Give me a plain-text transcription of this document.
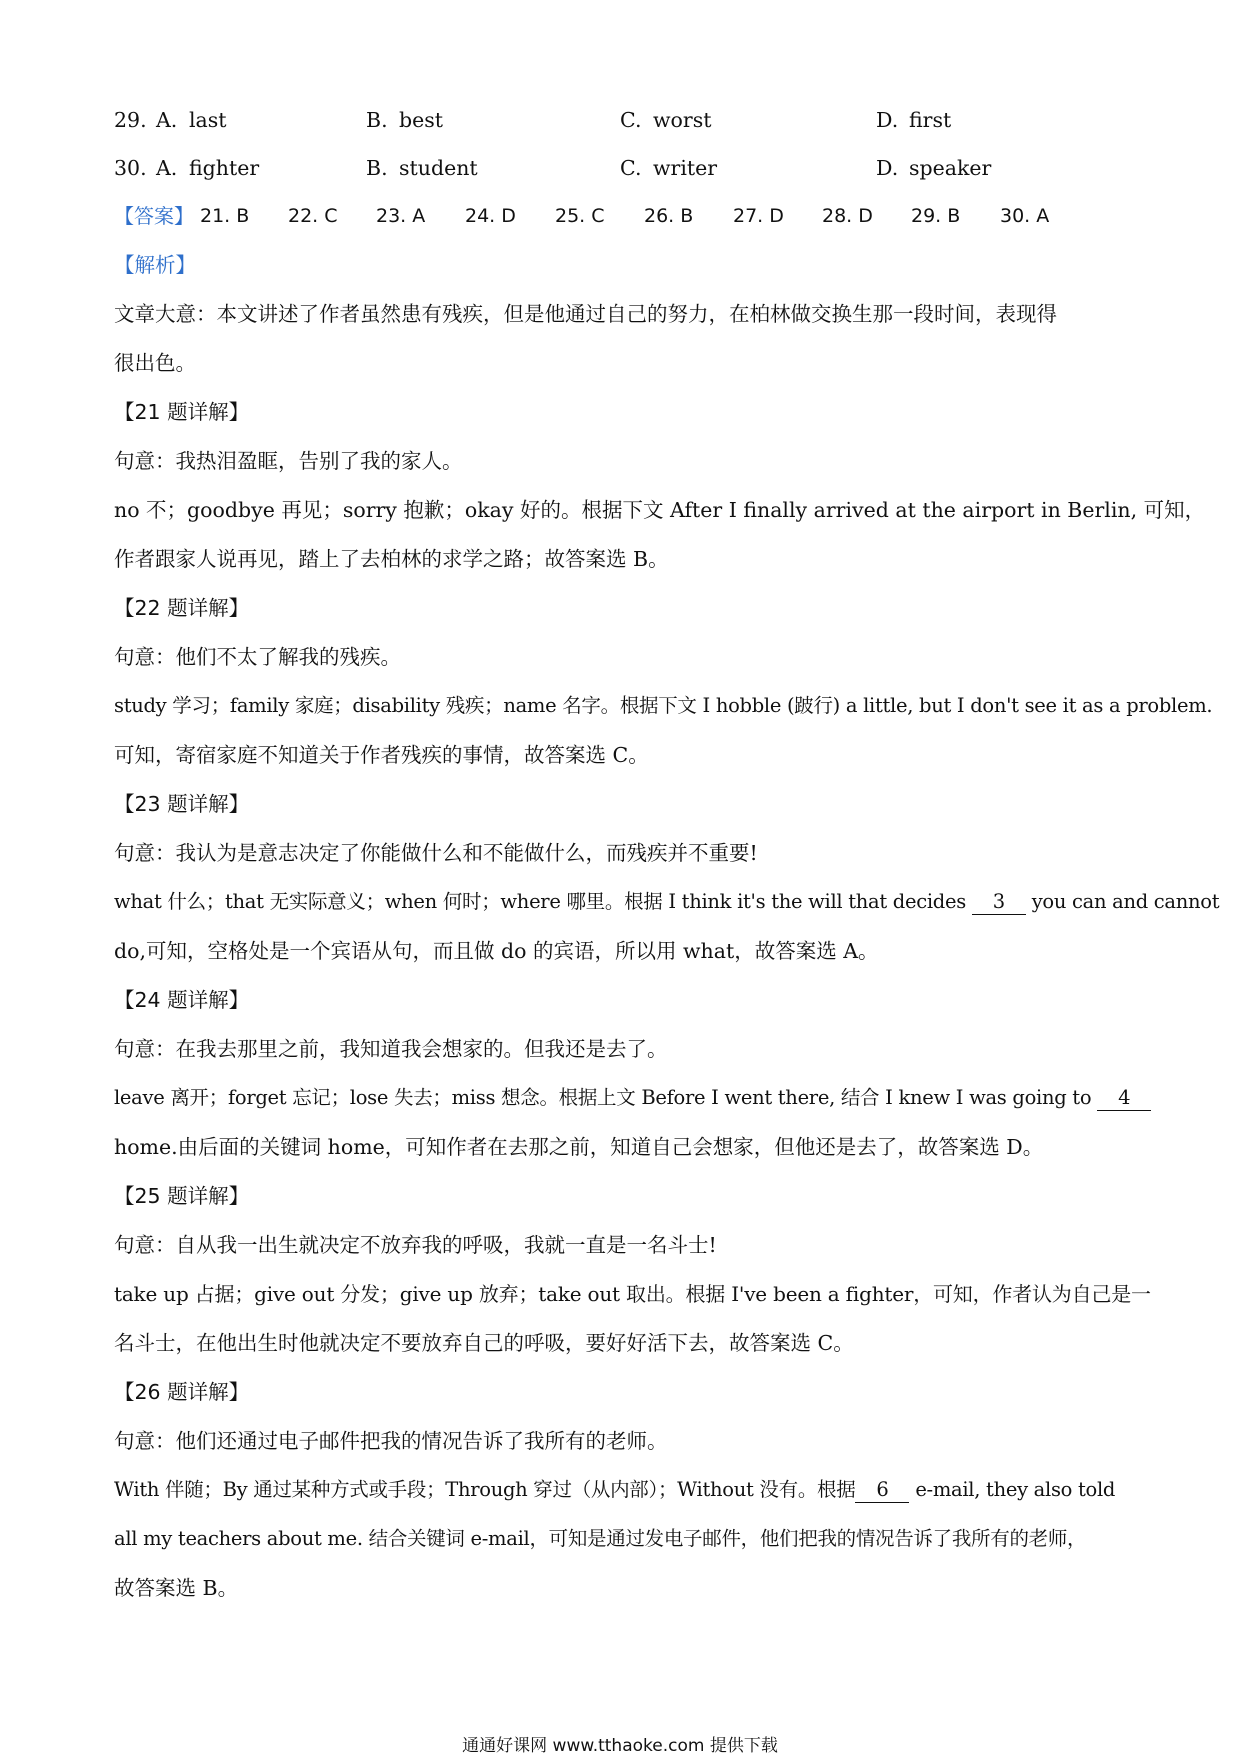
29. A. last	B. best	C. worst	D. first
30. A. fighter	B. student	C. writer	D. speaker
【答案】 21. B 22. C 23. A 24. D 25. C 26. B 27. D 28. D 29. B 30. A
【解析】
文章大意：本文讲述了作者虽然患有残疾，但是他通过自己的努力，在柏林做交换生那一段时间，表现得
很出色。
【21 题详解】
句意：我热泪盈眶，告别了我的家人。
no 不；goodbye 再见；sorry 抱歉；okay 好的。根据下文 After I finally arrived at the airport in Berlin, 可知，
作者跟家人说再见，踏上了去柏林的求学之路；故答案选 B。
【22 题详解】
句意：他们不太了解我的残疾。
study 学习；family 家庭；disability 残疾；name 名字。根据下文 I hobble (跛行) a little, but I don't see it as a problem.
可知，寄宿家庭不知道关于作者残疾的事情，故答案选 C。
【23 题详解】
句意：我认为是意志决定了你能做什么和不能做什么，而残疾并不重要!
what 什么；that 无实际意义；when 何时；where 哪里。根据 I think it's the will that decides 3 you can and cannot
do,可知，空格处是一个宾语从句，而且做 do 的宾语，所以用 what，故答案选 A。
【24 题详解】
句意：在我去那里之前，我知道我会想家的。但我还是去了。
leave 离开；forget 忘记；lose 失去；miss 想念。根据上文 Before I went there, 结合 I knew I was going to 4
home.由后面的关键词 home，可知作者在去那之前，知道自己会想家，但他还是去了，故答案选 D。
【25 题详解】
句意：自从我一出生就决定不放弃我的呼吸，我就一直是一名斗士!
take up 占据；give out 分发；give up 放弃；take out 取出。根据 I've been a fighter，可知，作者认为自己是一
名斗士，在他出生时他就决定不要放弃自己的呼吸，要好好活下去，故答案选 C。
【26 题详解】
句意：他们还通过电子邮件把我的情况告诉了我所有的老师。
With 伴随；By 通过某种方式或手段；Through 穿过（从内部）；Without 没有。根据 6 e-mail, they also told
all my teachers about me. 结合关键词 e-mail，可知是通过发电子邮件，他们把我的情况告诉了我所有的老师，
故答案选 B。
通通好课网 www.tthaoke.com 提供下载
